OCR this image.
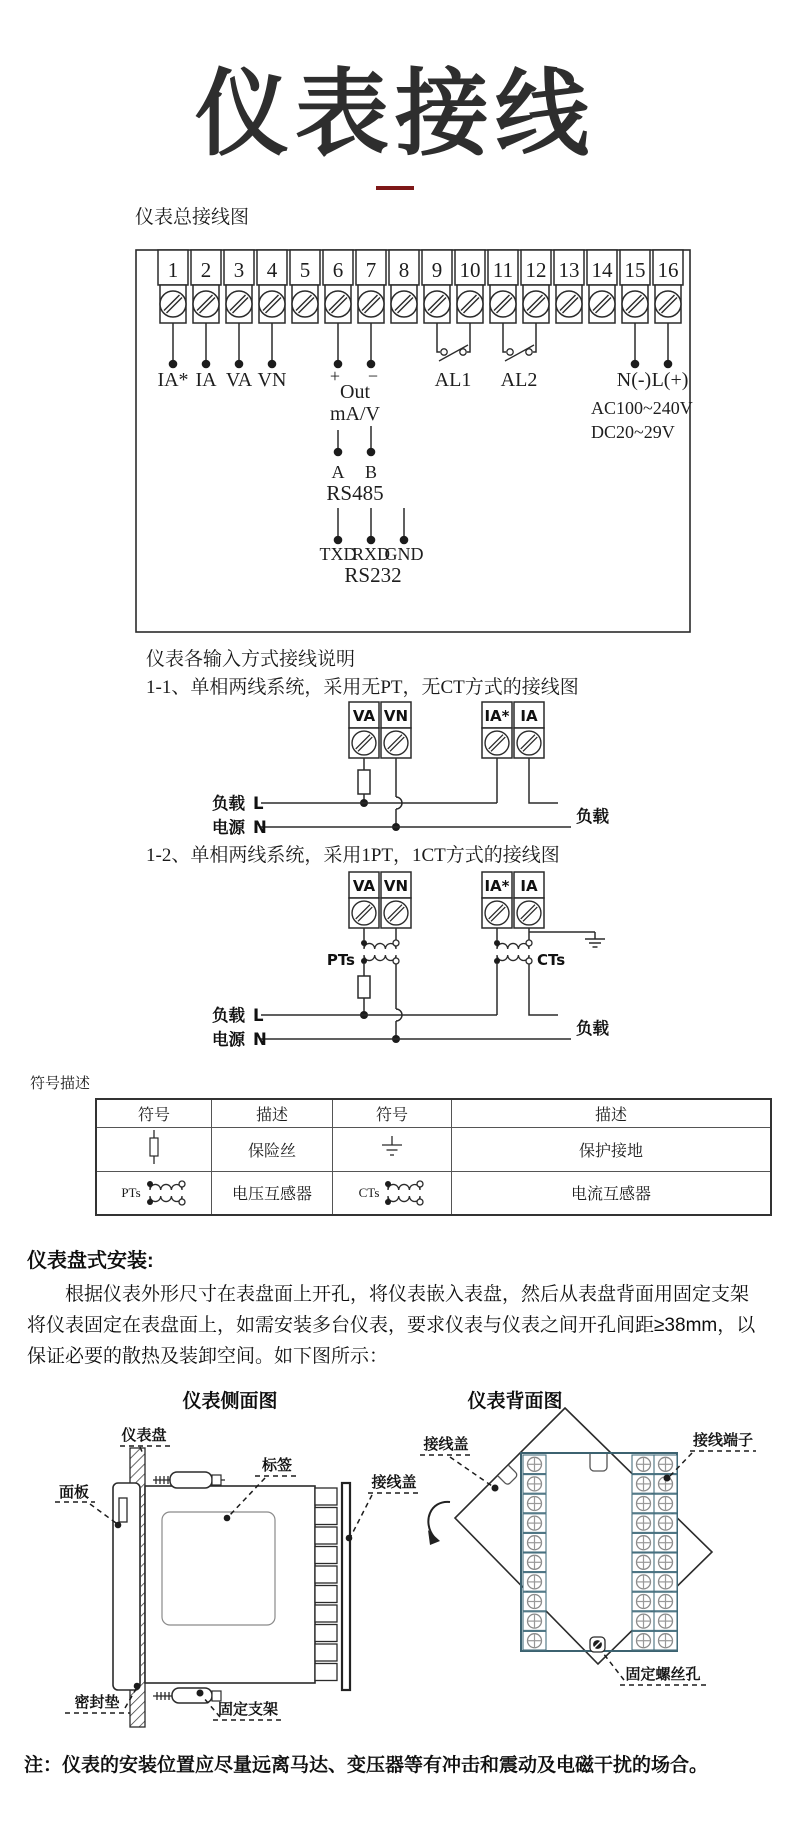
仪表接线
仪表总接线图
1 2 3 4 5 6 7 8 9 10 11 12 13 14 15 16
IA* IA VA VN + −
Out
mA/V
A B
RS485
TXD
RXD
GND
RS232
AL1 AL2	N(-) L(+)
AC100~240V
DC20~29V
仪表各输入方式接线说明
1-1、单相两线系统，采用无PT，无CT方式的接线图
VA VN	IA* IA
负载 L
电源 N
负载
1-2、单相两线系统，采用1PT，1CT方式的接线图
VA VN	IA* IA
PTs	CTs
负载 L
电源 N
负载
符号描述
符号	描述	符号	描述
	保险丝		保护接地

PTs	电压互感器	CTs	电流互感器
仪表盘式安装:
根据仪表外形尺寸在表盘面上开孔，将仪表嵌入表盘，然后从表盘背面用固定支架将仪表固定在表盘面上，如需安装多台仪表，要求仪表与仪表之间开孔间距≥38mm，以保证必要的散热及装卸空间。如下图所示：
仪表侧面图	仪表背面图
仪表盘
面板
标签
接线盖
密封垫	固定支架
接线盖	接线端子
固定螺丝孔
注：仪表的安装位置应尽量远离马达、变压器等有冲击和震动及电磁干扰的场合。
